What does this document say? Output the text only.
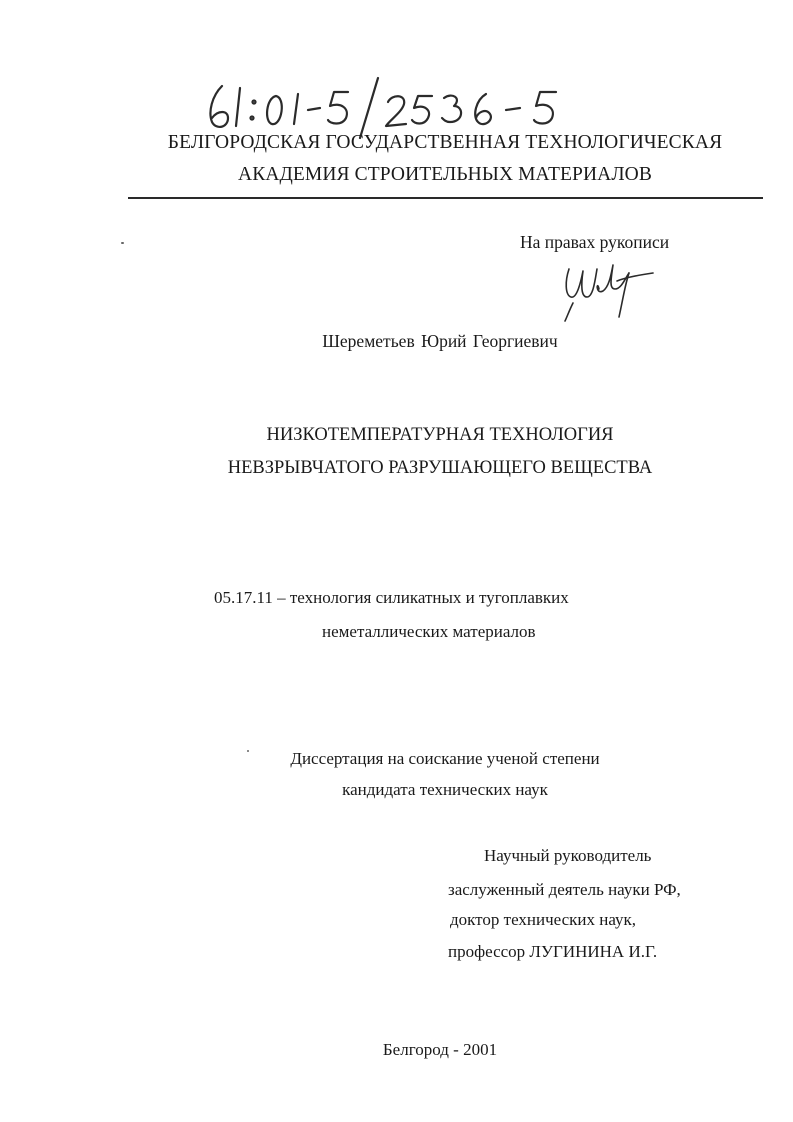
БЕЛГОРОДСКАЯ ГОСУДАРСТВЕННАЯ ТЕХНОЛОГИЧЕСКАЯ
АКАДЕМИЯ СТРОИТЕЛЬНЫХ МАТЕРИАЛОВ
На правах рукописи
Шереметьев Юрий Георгиевич
НИЗКОТЕМПЕРАТУРНАЯ ТЕХНОЛОГИЯ
НЕВЗРЫВЧАТОГО РАЗРУШАЮЩЕГО ВЕЩЕСТВА
05.17.11 – технология силикатных и тугоплавких
неметаллических материалов
Диссертация на соискание ученой степени
кандидата технических наук
Научный руководитель
заслуженный деятель науки РФ,
доктор технических наук,
профессор ЛУГИНИНА И.Г.
Белгород - 2001
